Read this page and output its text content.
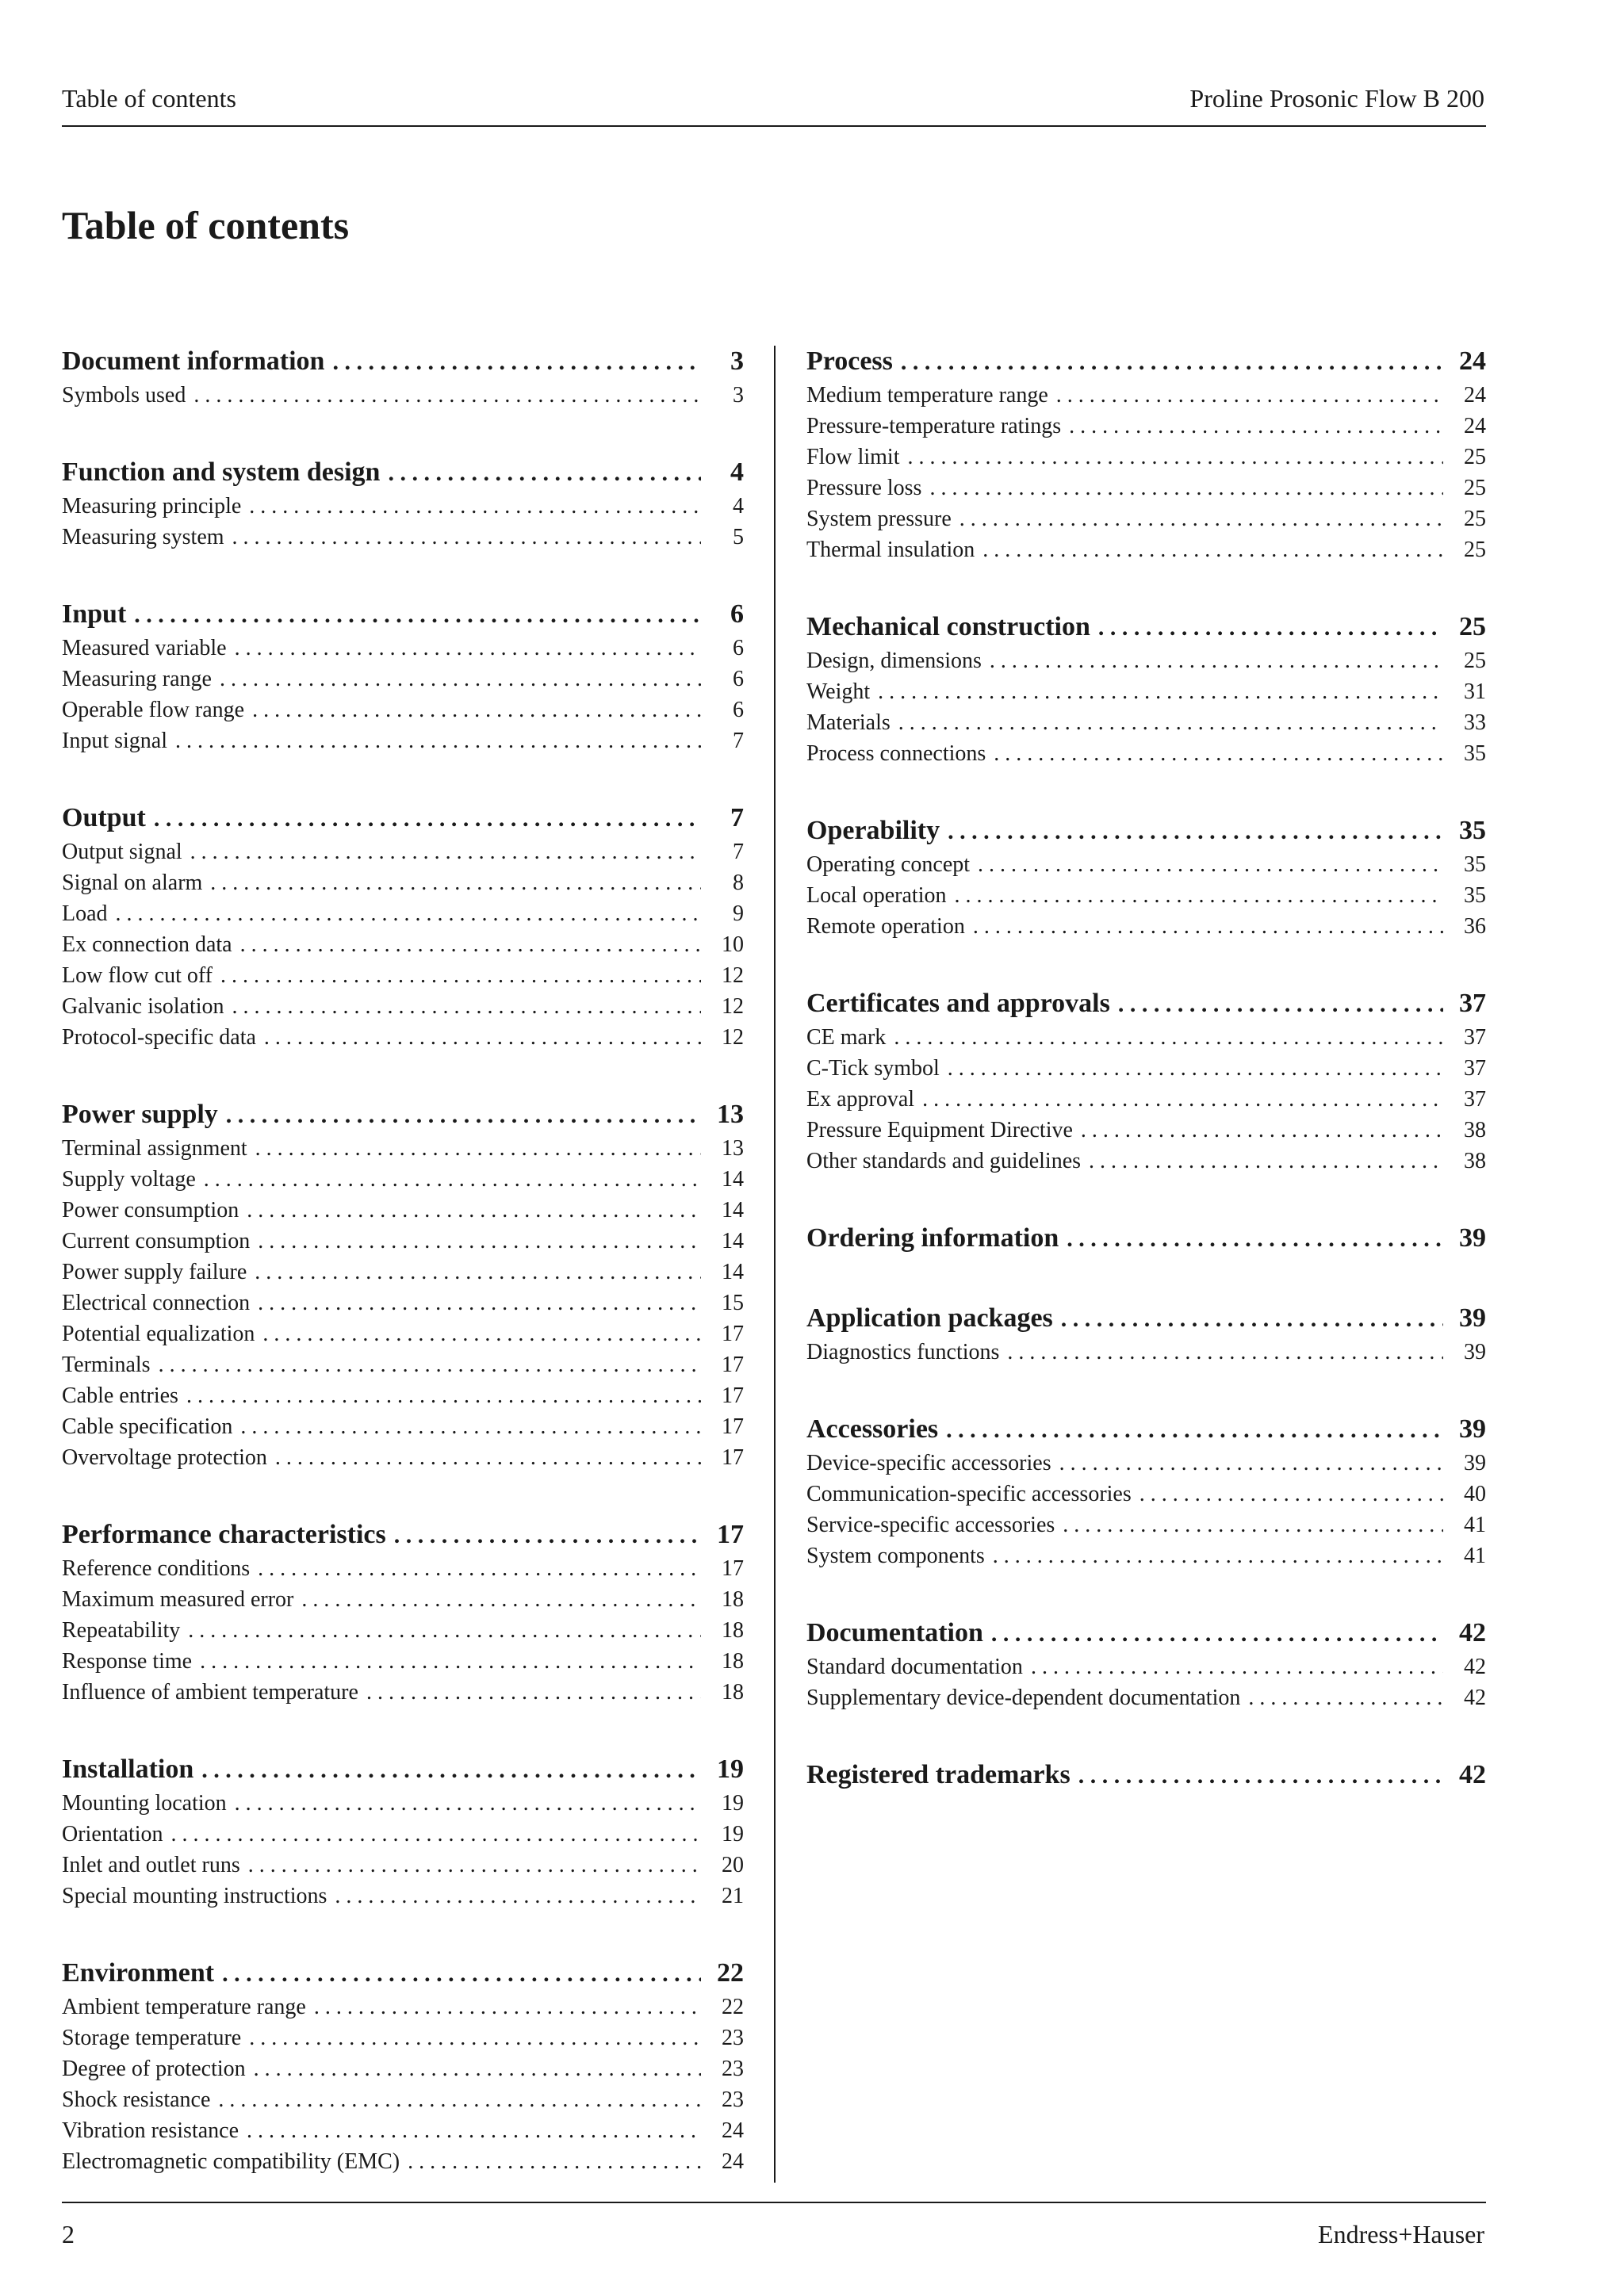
Table of contents	Proline Prosonic Flow B 200
Table of contents
Document information . . .	3
Symbols used . . .	3
Function and system design . . .	4
Measuring principle . . .	4
Measuring system . . .	5
Input . . .	6
Measured variable . . .	6
Measuring range . . .	6
Operable flow range . . .	6
Input signal . . .	7
Output . . .	7
Output signal . . .	7
Signal on alarm . . .	8
Load . . .	9
Ex connection data . . .	10
Low flow cut off . . .	12
Galvanic isolation . . .	12
Protocol-specific data . . .	12
Power supply . . .	13
Terminal assignment . . .	13
Supply voltage . . .	14
Power consumption . . .	14
Current consumption . . .	14
Power supply failure . . .	14
Electrical connection . . .	15
Potential equalization . . .	17
Terminals . . .	17
Cable entries . . .	17
Cable specification . . .	17
Overvoltage protection . . .	17
Performance characteristics . . .	17
Reference conditions . . .	17
Maximum measured error . . .	18
Repeatability . . .	18
Response time . . .	18
Influence of ambient temperature . . .	18
Installation . . .	19
Mounting location . . .	19
Orientation . . .	19
Inlet and outlet runs . . .	20
Special mounting instructions . . .	21
Environment . . .	22
Ambient temperature range . . .	22
Storage temperature . . .	23
Degree of protection . . .	23
Shock resistance . . .	23
Vibration resistance . . .	24
Electromagnetic compatibility (EMC) . . .	24
Process . . .	24
Medium temperature range . . .	24
Pressure-temperature ratings . . .	24
Flow limit . . .	25
Pressure loss . . .	25
System pressure . . .	25
Thermal insulation . . .	25
Mechanical construction . . .	25
Design, dimensions . . .	25
Weight . . .	31
Materials . . .	33
Process connections . . .	35
Operability . . .	35
Operating concept . . .	35
Local operation . . .	35
Remote operation . . .	36
Certificates and approvals . . .	37
CE mark . . .	37
C-Tick symbol . . .	37
Ex approval . . .	37
Pressure Equipment Directive . . .	38
Other standards and guidelines . . .	38
Ordering information . . .	39
Application packages . . .	39
Diagnostics functions . . .	39
Accessories . . .	39
Device-specific accessories . . .	39
Communication-specific accessories . . .	40
Service-specific accessories . . .	41
System components . . .	41
Documentation . . .	42
Standard documentation . . .	42
Supplementary device-dependent documentation . . .	42
Registered trademarks . . .	42
2	Endress+Hauser
